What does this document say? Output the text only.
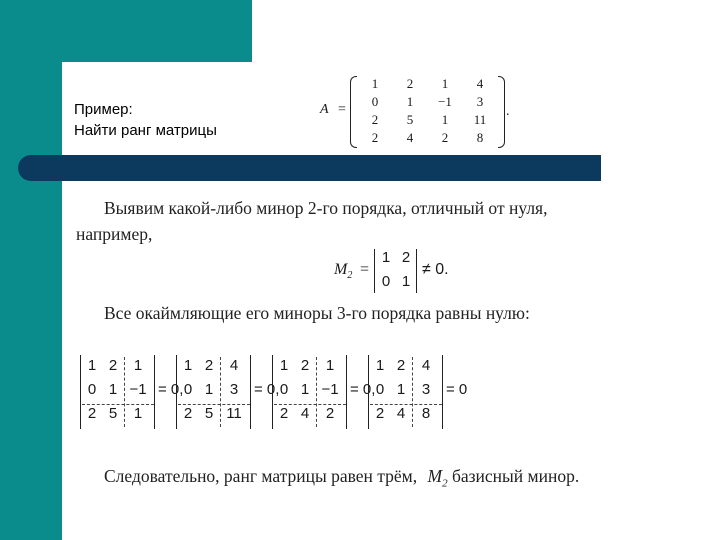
Пример:
Найти ранг матрицы
A =
1	2	1	4
0	1	−1	3
2	5	1	11
2	4	2	8
.
Выявим какой-либо минор 2-го порядка, отличный от нуля,
например,
$M_2$ =
1 2
0 1
≠ 0.
Все окаймляющие его миноры 3-го порядка равны нулю:
1 2	1
0 1 −1
2 5	1
= 0,
1 2	4
0 1	3
2 5 11
= 0,
1 2	1
0 1 −1
2 4	2
= 0,
1 2	4
0 1	3
2 4	8
= 0
Следовательно, ранг матрицы равен трём, $M_2$ базисный минор.
